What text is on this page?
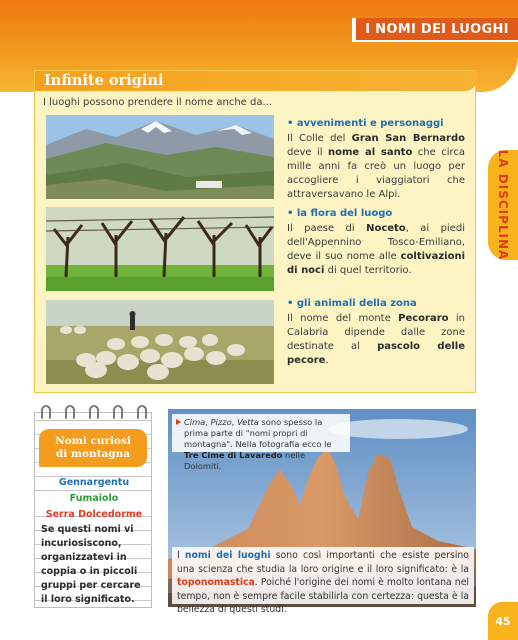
I NOMI DEI LUOGHI
LA DISCIPLINA
Infinite origini
I luoghi possono prendere il nome anche da...
• avvenimenti e personaggi
Il Colle del Gran San Bernardo deve il nome al santo che circa mille anni fa creò un luogo per accogliere i viaggiatori che attraversavano le Alpi.
• la flora del luogo
Il paese di Noceto, ai piedi dell'Appennino Tosco-Emiliano, deve il suo nome alle coltivazioni di noci di quel territorio.
• gli animali della zona
Il nome del monte Pecoraro in Calabria dipende dalle zone destinate al pascolo delle pecore.
Nomi curiosi
di montagna
Gennargentu
Fumaiolo
Serra Dolcedorme
Se questi nomi vi incuriosiscono, organizzatevi in coppia o in piccoli gruppi per cercare il loro significato.
Cima, Pizzo, Vetta sono spesso la prima parte di "nomi propri di montagna". Nella fotografia ecco le Tre Cime di Lavaredo nelle Dolomiti.
I nomi dei luoghi sono così importanti che esiste persino una scienza che studia la loro origine e il loro significato: è la toponomastica. Poiché l'origine dei nomi è molto lontana nel tempo, non è sempre facile stabilirla con certezza: questa è la bellezza di questi studi.
45
